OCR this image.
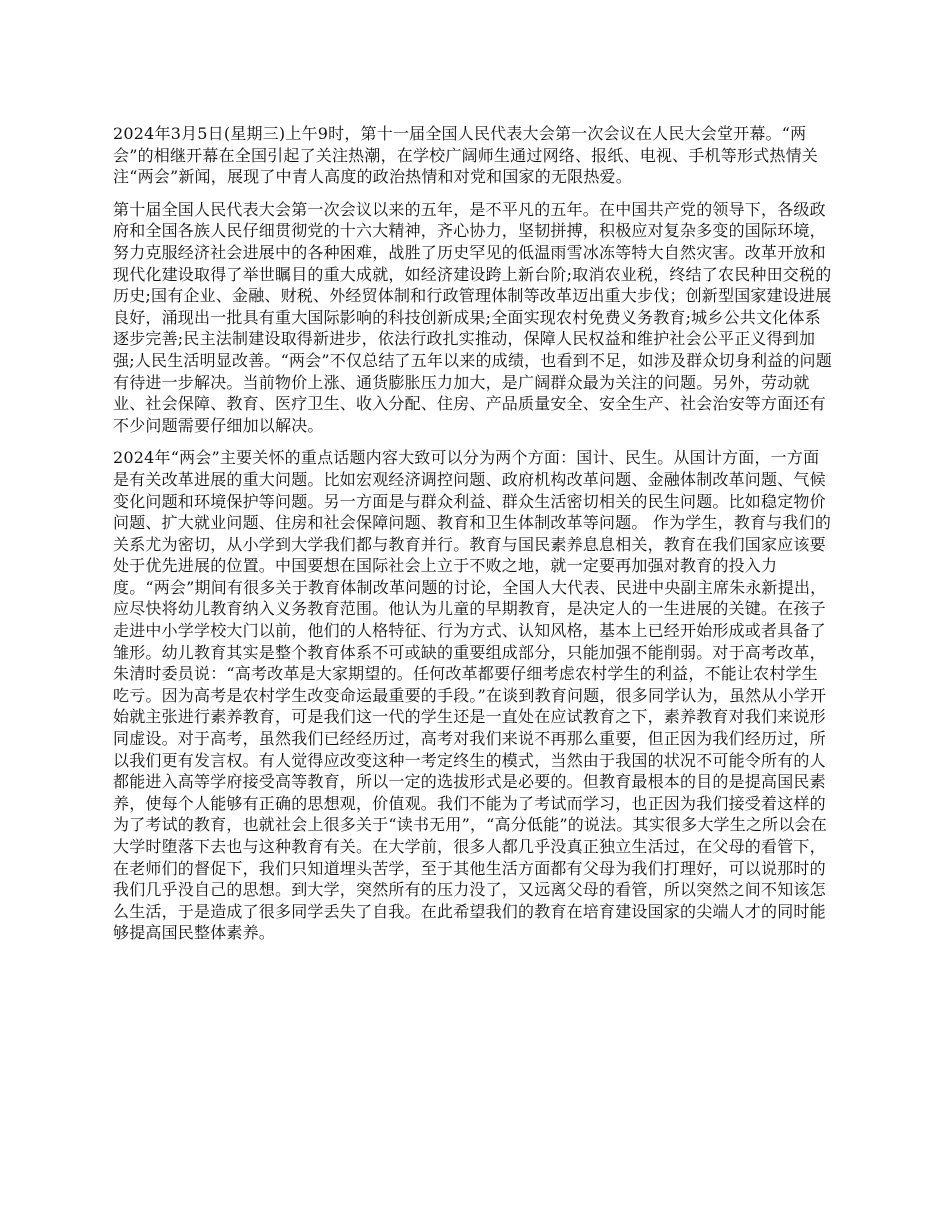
2024年3月5日(星期三)上午9时，第十一届全国人民代表大会第一次会议在人民大会堂开幕。“两会”的相继开幕在全国引起了关注热潮，在学校广阔师生通过网络、报纸、电视、手机等形式热情关注“两会”新闻，展现了中青人高度的政治热情和对党和国家的无限热爱。

第十届全国人民代表大会第一次会议以来的五年，是不平凡的五年。在中国共产党的领导下，各级政府和全国各族人民仔细贯彻党的十六大精神，齐心协力，坚韧拼搏，积极应对复杂多变的国际环境，努力克服经济社会进展中的各种困难，战胜了历史罕见的低温雨雪冰冻等特大自然灾害。改革开放和现代化建设取得了举世瞩目的重大成就，如经济建设跨上新台阶;取消农业税，终结了农民种田交税的历史;国有企业、金融、财税、外经贸体制和行政管理体制等改革迈出重大步伐；创新型国家建设进展良好，涌现出一批具有重大国际影响的科技创新成果;全面实现农村免费义务教育;城乡公共文化体系逐步完善;民主法制建设取得新进步，依法行政扎实推动，保障人民权益和维护社会公平正义得到加强;人民生活明显改善。“两会”不仅总结了五年以来的成绩，也看到不足，如涉及群众切身利益的问题有待进一步解决。当前物价上涨、通货膨胀压力加大，是广阔群众最为关注的问题。另外，劳动就业、社会保障、教育、医疗卫生、收入分配、住房、产品质量安全、安全生产、社会治安等方面还有不少问题需要仔细加以解决。

2024年“两会”主要关怀的重点话题内容大致可以分为两个方面：国计、民生。从国计方面，一方面是有关改革进展的重大问题。比如宏观经济调控问题、政府机构改革问题、金融体制改革问题、气候变化问题和环境保护等问题。另一方面是与群众利益、群众生活密切相关的民生问题。比如稳定物价问题、扩大就业问题、住房和社会保障问题、教育和卫生体制改革等问题。 作为学生，教育与我们的关系尤为密切，从小学到大学我们都与教育并行。教育与国民素养息息相关，教育在我们国家应该要处于优先进展的位置。中国要想在国际社会上立于不败之地，就一定要再加强对教育的投入力度。“两会”期间有很多关于教育体制改革问题的讨论，全国人大代表、民进中央副主席朱永新提出，应尽快将幼儿教育纳入义务教育范围。他认为儿童的早期教育，是决定人的一生进展的关键。在孩子走进中小学学校大门以前，他们的人格特征、行为方式、认知风格，基本上已经开始形成或者具备了雏形。幼儿教育其实是整个教育体系不可或缺的重要组成部分，只能加强不能削弱。对于高考改革，朱清时委员说：“高考改革是大家期望的。任何改革都要仔细考虑农村学生的利益，不能让农村学生吃亏。因为高考是农村学生改变命运最重要的手段。”在谈到教育问题，很多同学认为，虽然从小学开始就主张进行素养教育，可是我们这一代的学生还是一直处在应试教育之下，素养教育对我们来说形同虚设。对于高考，虽然我们已经经历过，高考对我们来说不再那么重要，但正因为我们经历过，所以我们更有发言权。有人觉得应改变这种一考定终生的模式，当然由于我国的状况不可能令所有的人都能进入高等学府接受高等教育，所以一定的选拔形式是必要的。但教育最根本的目的是提高国民素养，使每个人能够有正确的思想观，价值观。我们不能为了考试而学习，也正因为我们接受着这样的为了考试的教育，也就社会上很多关于“读书无用”，“高分低能”的说法。其实很多大学生之所以会在大学时堕落下去也与这种教育有关。在大学前，很多人都几乎没真正独立生活过，在父母的看管下，在老师们的督促下，我们只知道埋头苦学，至于其他生活方面都有父母为我们打理好，可以说那时的我们几乎没自己的思想。到大学，突然所有的压力没了，又远离父母的看管，所以突然之间不知该怎么生活，于是造成了很多同学丢失了自我。在此希望我们的教育在培育建设国家的尖端人才的同时能够提高国民整体素养。
